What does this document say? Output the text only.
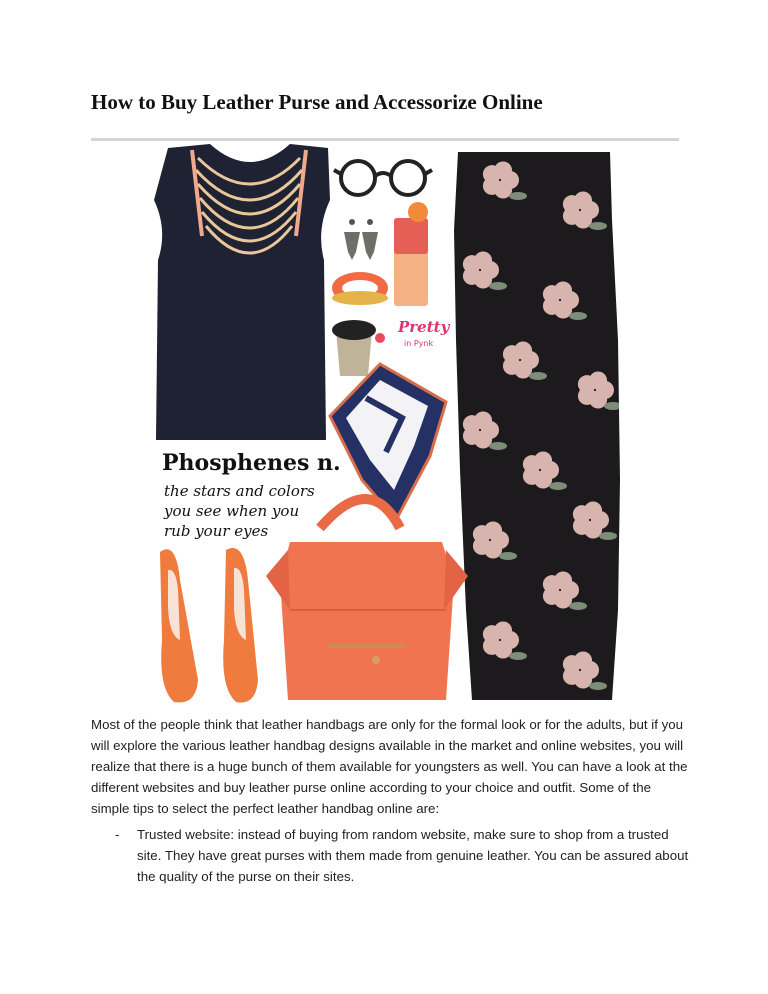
How to Buy Leather Purse and Accessorize Online
Pretty
in Pynk
Phosphenes n.
the stars and colors
you see when you
rub your eyes

Most of the people think that leather handbags are only for the formal look or for the adults, but if you will explore the various leather handbag designs available in the market and online websites, you will realize that there is a huge bunch of them available for youngsters as well. You can have a look at the different websites and buy leather purse online according to your choice and outfit. Some of the simple tips to select the perfect leather handbag online are:

- Trusted website: instead of buying from random website, make sure to shop from a trusted site. They have great purses with them made from genuine leather. You can be assured about the quality of the purse on their sites.
